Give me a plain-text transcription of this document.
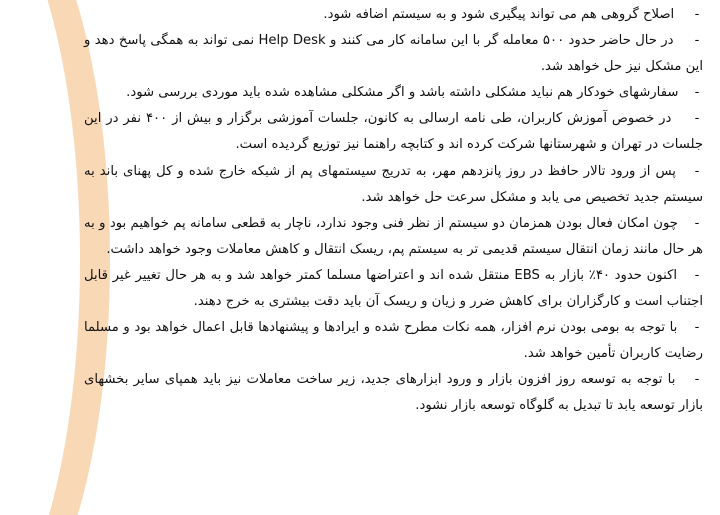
-    اصلاح گروهی هم می تواند پیگیری شود و به سیستم اضافه شود.

-    در حال حاضر حدود ۵۰۰ معامله گر با این سامانه کار می کنند و Help Desk نمی تواند به همگی پاسخ دهد و این مشکل نیز حل خواهد شد.

-   سفارشهای خودکار هم نباید مشکلی داشته باشد و اگر مشکلی مشاهده شده باید موردی بررسی شود.

-    در خصوص آموزش کاربران، طی نامه ارسالی به کانون، جلسات آموزشی برگزار و بیش از ۴۰۰ نفر در این جلسات در تهران و شهرستانها شرکت کرده اند و کتابچه راهنما نیز توزیع گردیده است.

-   پس از ورود تالار حافظ در روز پانزدهم مهر، به تدریج سیستمهای پم از شبکه خارج شده و کل پهنای باند به سیستم جدید تخصیص می یابد و مشکل سرعت حل خواهد شد.

-   چون امکان فعال بودن همزمان دو سیستم از نظر فنی وجود ندارد، ناچار به قطعی سامانه پم خواهیم بود و به هر حال مانند زمان انتقال سیستم قدیمی تر به سیستم پم، ریسک انتقال و کاهش معاملات وجود خواهد داشت.

-   اکنون حدود ۴۰٪ بازار به EBS منتقل شده اند و اعتراضها مسلما کمتر خواهد شد و به هر حال تغییر غیر قابل اجتناب است و کارگزاران برای کاهش ضرر و زیان و ریسک آن باید دقت بیشتری به خرج دهند.

-   با توجه به بومی بودن نرم افزار، همه نکات مطرح شده و ایرادها و پیشنهادها قابل اعمال خواهد بود و مسلما رضایت کاربران تأمین خواهد شد.

-   با توجه به توسعه روز افزون بازار و ورود ابزارهای جدید، زیر ساخت معاملات نیز باید همپای سایر بخشهای بازار توسعه یابد تا تبدیل به گلوگاه توسعه بازار نشود.
